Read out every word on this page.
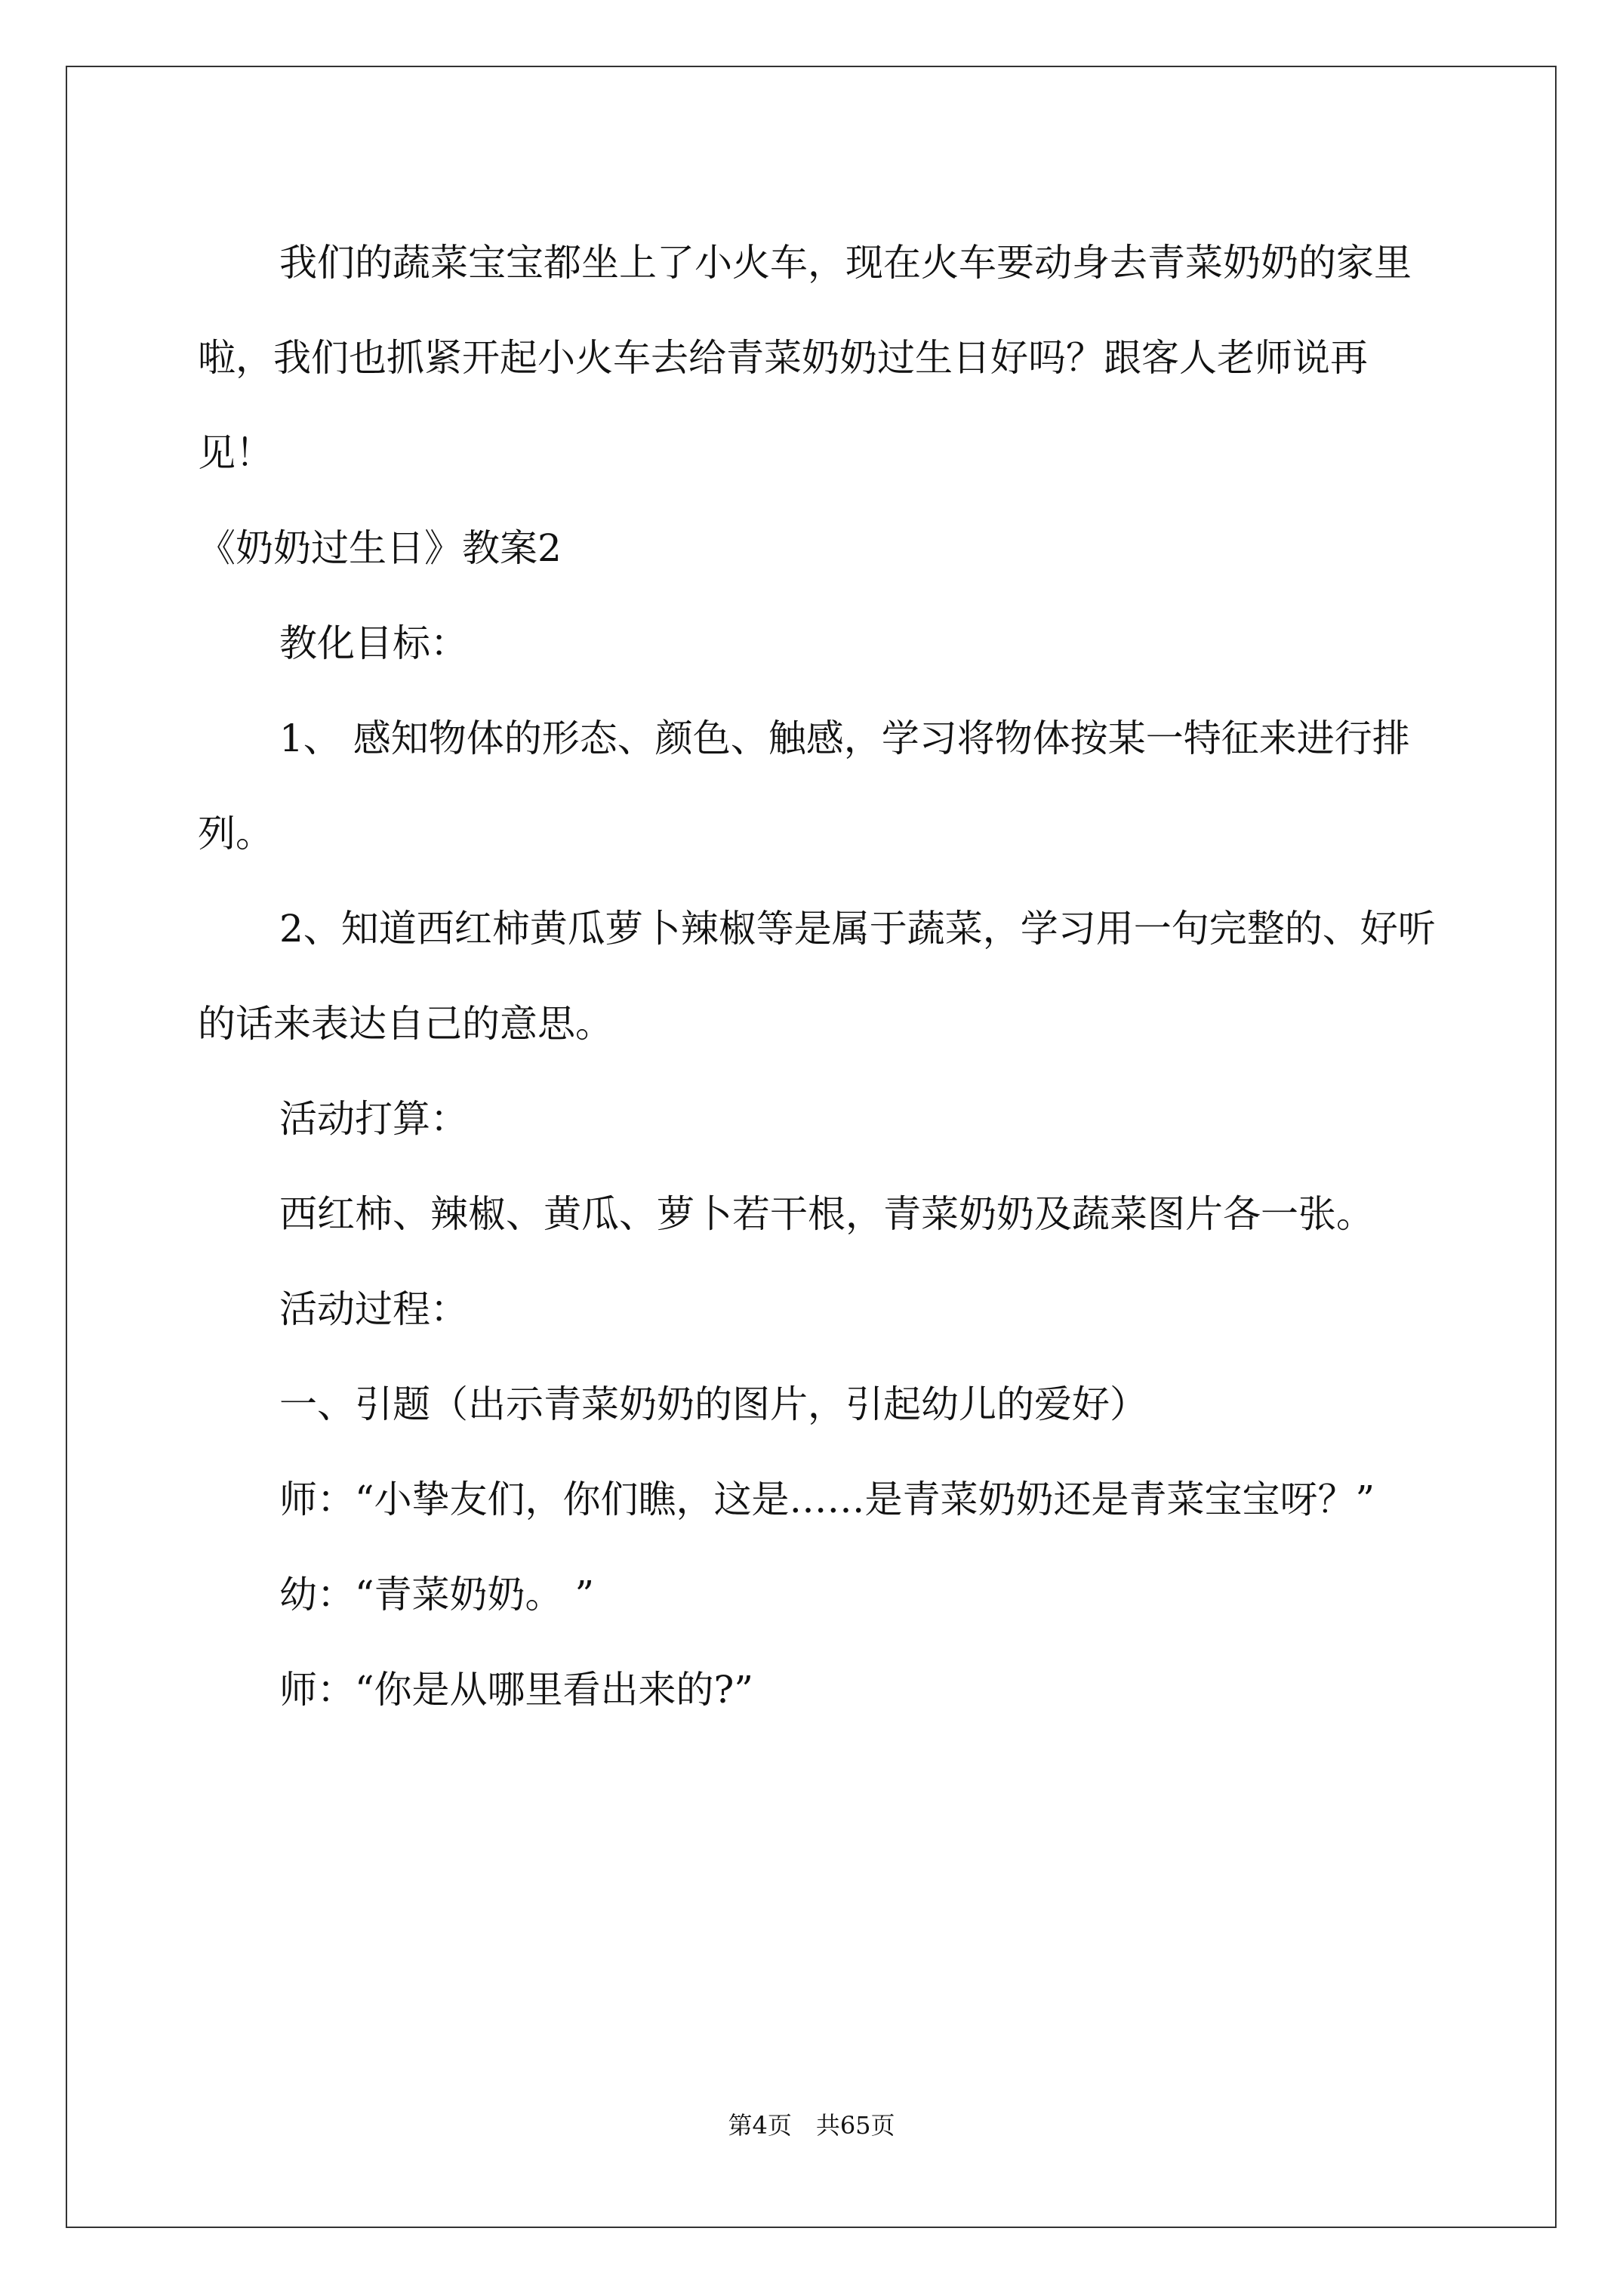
我们的蔬菜宝宝都坐上了小火车，现在火车要动身去青菜奶奶的家里啦，我们也抓紧开起小火车去给青菜奶奶过生日好吗？跟客人老师说再见！

《奶奶过生日》教案2

教化目标：

1、 感知物体的形态、颜色、触感，学习将物体按某一特征来进行排列。

2、知道西红柿黄瓜萝卜辣椒等是属于蔬菜，学习用一句完整的、好听的话来表达自己的意思。

活动打算：

西红柿、辣椒、黄瓜、萝卜若干根，青菜奶奶及蔬菜图片各一张。

活动过程：

一、引题（出示青菜奶奶的图片，引起幼儿的爱好）

师：“小挚友们，你们瞧，这是……是青菜奶奶还是青菜宝宝呀？”

幼：“青菜奶奶。 ”

师：“你是从哪里看出来的?”

第4页　共65页
